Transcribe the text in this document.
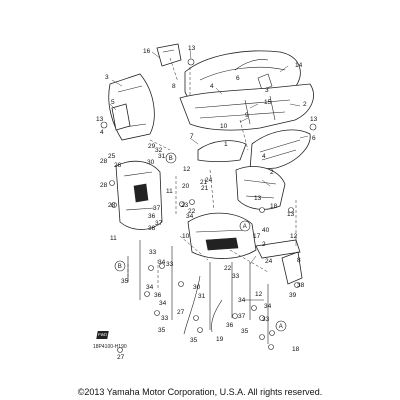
B
A
B
A
16	13
14
3
8	4
6
3
5	15	2
13
9
10
4
13
6
7
1
4
29
32
31
30
25
28
26
28
28
11
12
20
21
24
21
23
22
2
13
13
18
37
36
37
38
11
34
10	17
40
2
12
8
24
38
39
22
33
33
34 33
35
34
36
30
31
27
34
33
35
35	19
36
37
34
12
34
35
33
18
27
FWD
18P4100-H190
©2013 Yamaha Motor Corporation, U.S.A. All rights reserved.
